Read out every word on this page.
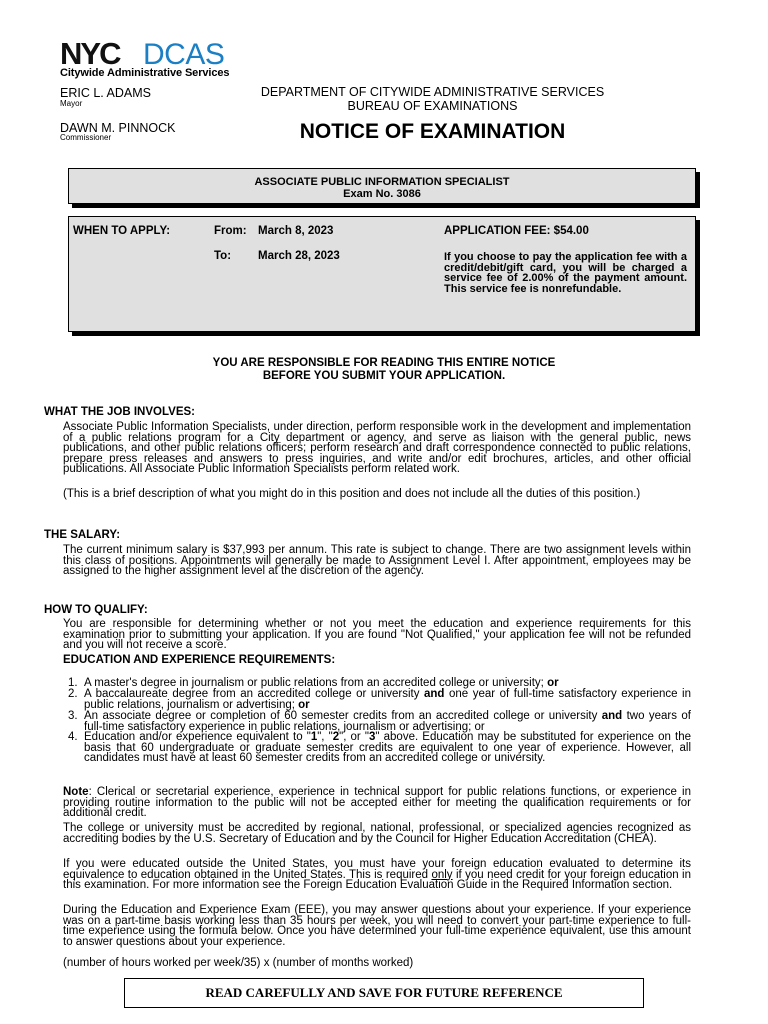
NYC DCAS
Citywide Administrative Services
ERIC L. ADAMS
Mayor
DAWN M. PINNOCK
Commissioner
DEPARTMENT OF CITYWIDE ADMINISTRATIVE SERVICES
BUREAU OF EXAMINATIONS
NOTICE OF EXAMINATION
ASSOCIATE PUBLIC INFORMATION SPECIALIST
Exam No. 3086
WHEN TO APPLY:	From: March 8, 2023
To: March 28, 2023
APPLICATION FEE: $54.00
If you choose to pay the application fee with a credit/debit/gift card, you will be charged a service fee of 2.00% of the payment amount. This service fee is nonrefundable.
YOU ARE RESPONSIBLE FOR READING THIS ENTIRE NOTICE
BEFORE YOU SUBMIT YOUR APPLICATION.
WHAT THE JOB INVOLVES:
Associate Public Information Specialists, under direction, perform responsible work in the development and implementation of a public relations program for a City department or agency, and serve as liaison with the general public, news publications, and other public relations officers; perform research and draft correspondence connected to public relations, prepare press releases and answers to press inquiries, and write and/or edit brochures, articles, and other official publications. All Associate Public Information Specialists perform related work.
(This is a brief description of what you might do in this position and does not include all the duties of this position.)
THE SALARY:
The current minimum salary is $37,993 per annum. This rate is subject to change. There are two assignment levels within this class of positions. Appointments will generally be made to Assignment Level I. After appointment, employees may be assigned to the higher assignment level at the discretion of the agency.
HOW TO QUALIFY:
You are responsible for determining whether or not you meet the education and experience requirements for this examination prior to submitting your application. If you are found "Not Qualified," your application fee will not be refunded and you will not receive a score.
EDUCATION AND EXPERIENCE REQUIREMENTS:
1. A master's degree in journalism or public relations from an accredited college or university; or
2. A baccalaureate degree from an accredited college or university and one year of full-time satisfactory experience in public relations, journalism or advertising; or
3. An associate degree or completion of 60 semester credits from an accredited college or university and two years of full-time satisfactory experience in public relations, journalism or advertising; or
4. Education and/or experience equivalent to "1", "2", or "3" above. Education may be substituted for experience on the basis that 60 undergraduate or graduate semester credits are equivalent to one year of experience. However, all candidates must have at least 60 semester credits from an accredited college or university.
Note: Clerical or secretarial experience, experience in technical support for public relations functions, or experience in providing routine information to the public will not be accepted either for meeting the qualification requirements or for additional credit.
The college or university must be accredited by regional, national, professional, or specialized agencies recognized as accrediting bodies by the U.S. Secretary of Education and by the Council for Higher Education Accreditation (CHEA).
If you were educated outside the United States, you must have your foreign education evaluated to determine its equivalence to education obtained in the United States. This is required only if you need credit for your foreign education in this examination. For more information see the Foreign Education Evaluation Guide in the Required Information section.
During the Education and Experience Exam (EEE), you may answer questions about your experience. If your experience was on a part-time basis working less than 35 hours per week, you will need to convert your part-time experience to full-time experience using the formula below. Once you have determined your full-time experience equivalent, use this amount to answer questions about your experience.
(number of hours worked per week/35) x (number of months worked)
READ CAREFULLY AND SAVE FOR FUTURE REFERENCE
